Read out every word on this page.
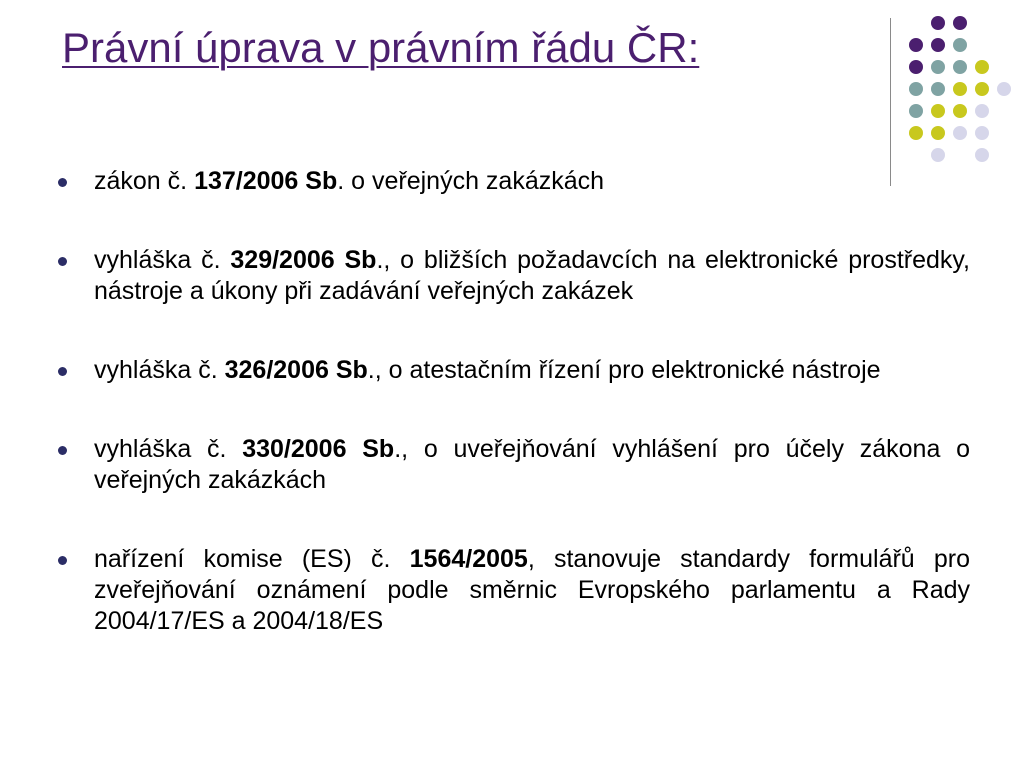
Právní úprava v právním řádu ČR:
zákon č. 137/2006 Sb. o veřejných zakázkách
vyhláška č. 329/2006 Sb., o bližších požadavcích na elektronické prostředky, nástroje a úkony při zadávání veřejných zakázek
vyhláška č. 326/2006 Sb., o atestačním řízení pro elektronické nástroje
vyhláška č. 330/2006 Sb., o uveřejňování vyhlášení pro účely zákona o veřejných zakázkách
nařízení komise (ES) č. 1564/2005, stanovuje standardy formulářů pro zveřejňování oznámení podle směrnic Evropského parlamentu a Rady 2004/17/ES a 2004/18/ES
